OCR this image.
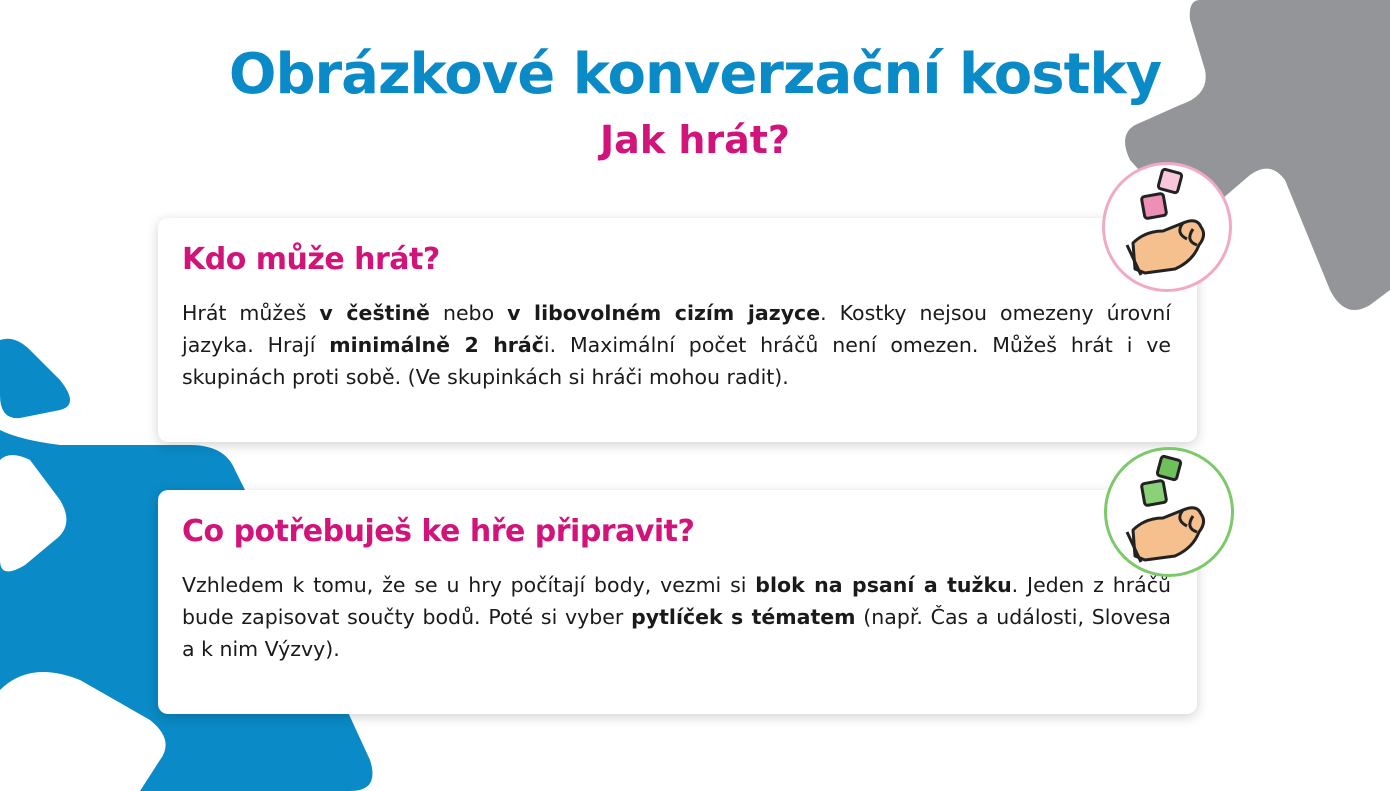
Obrázkové konverzační kostky
Jak hrát?
Kdo může hrát?

Hrát můžeš v češtině nebo v libovolném cizím jazyce. Kostky nejsou omezeny úrovní jazyka. Hrají minimálně 2 hráči. Maximální počet hráčů není omezen. Můžeš hrát i ve skupinách proti sobě. (Ve skupinkách si hráči mohou radit).

Co potřebuješ ke hře připravit?

Vzhledem k tomu, že se u hry počítají body, vezmi si blok na psaní a tužku. Jeden z hráčů bude zapisovat součty bodů. Poté si vyber pytlíček s tématem (např. Čas a události, Slovesa a k nim Výzvy).
